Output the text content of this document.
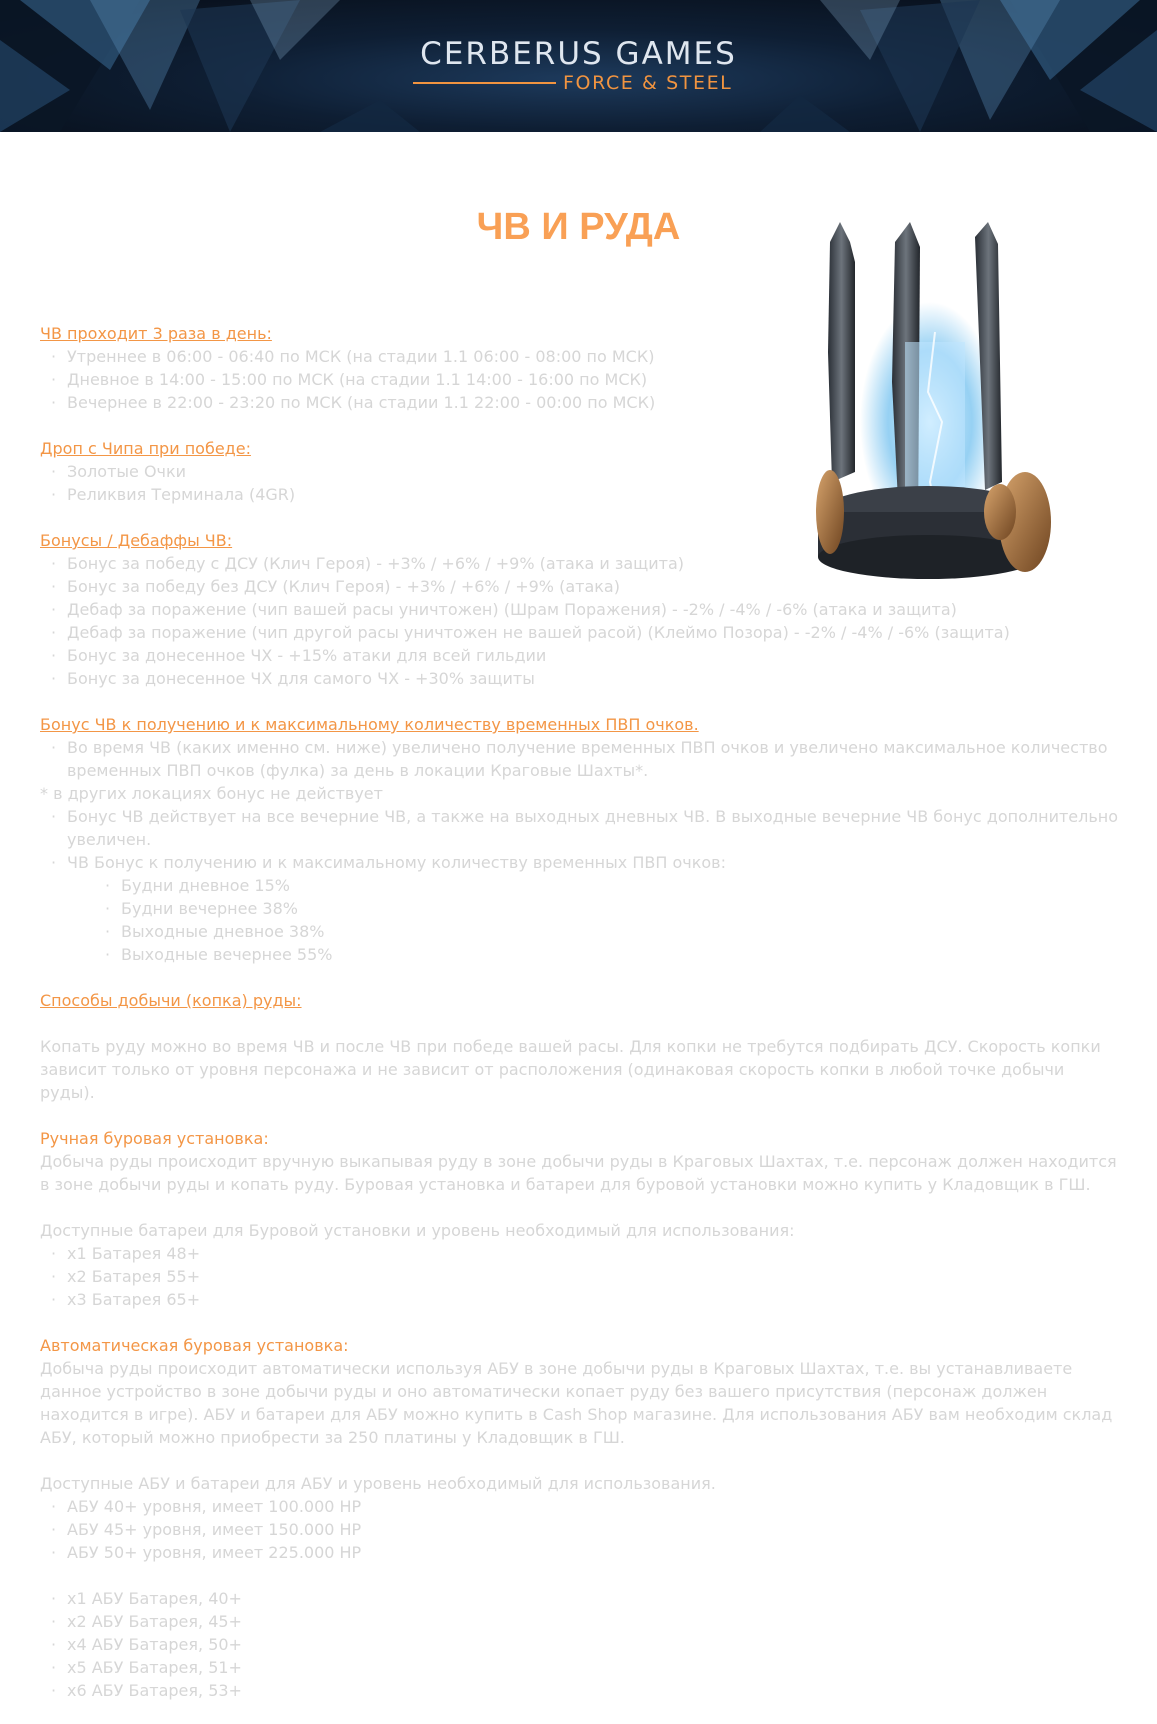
CERBERUS GAMES
FORCE & STEEL
ЧВ И РУДА
ЧВ проходит 3 раза в день:
· Утреннее в 06:00 - 06:40 по МСК (на стадии 1.1 06:00 - 08:00 по МСК)
· Дневное в 14:00 - 15:00 по МСК (на стадии 1.1 14:00 - 16:00 по МСК)
· Вечернее в 22:00 - 23:20 по МСК (на стадии 1.1 22:00 - 00:00 по МСК)
Дроп с Чипа при победе:
· Золотые Очки
· Реликвия Терминала (4GR)
Бонусы / Дебаффы ЧВ:
· Бонус за победу с ДСУ (Клич Героя) - +3% / +6% / +9% (атака и защита)
· Бонус за победу без ДСУ (Клич Героя) - +3% / +6% / +9% (атака)
· Дебаф за поражение (чип вашей расы уничтожен) (Шрам Поражения) - -2% / -4% / -6% (атака и защита)
· Дебаф за поражение (чип другой расы уничтожен не вашей расой) (Клеймо Позора) - -2% / -4% / -6% (защита)
· Бонус за донесенное ЧХ - +15% атаки для всей гильдии
· Бонус за донесенное ЧХ для самого ЧХ - +30% защиты
Бонус ЧВ к получению и к максимальному количеству временных ПВП очков.
· Во время ЧВ (каких именно см. ниже) увеличено получение временных ПВП очков и увеличено максимальное количество временных ПВП очков (фулка) за день в локации Краговые Шахты*.
* в других локациях бонус не действует
· Бонус ЧВ действует на все вечерние ЧВ, а также на выходных дневных ЧВ. В выходные вечерние ЧВ бонус дополнительно увеличен.
· ЧВ Бонус к получению и к максимальному количеству временных ПВП очков:
· Будни дневное 15%
· Будни вечернее 38%
· Выходные дневное 38%
· Выходные вечернее 55%
Способы добычи (копка) руды:
Копать руду можно во время ЧВ и после ЧВ при победе вашей расы. Для копки не требутся подбирать ДСУ. Скорость копки зависит только от уровня персонажа и не зависит от расположения (одинаковая скорость копки в любой точке добычи руды).
Ручная буровая установка:
Добыча руды происходит вручную выкапывая руду в зоне добычи руды в Краговых Шахтах, т.е. персонаж должен находится в зоне добычи руды и копать руду. Буровая установка и батареи для буровой установки можно купить у Кладовщик в ГШ.
Доступные батареи для Буровой установки и уровень необходимый для использования:
· x1 Батарея 48+
· x2 Батарея 55+
· x3 Батарея 65+
Автоматическая буровая установка:
Добыча руды происходит автоматически используя АБУ в зоне добычи руды в Краговых Шахтах, т.е. вы устанавливаете данное устройство в зоне добычи руды и оно автоматически копает руду без вашего присутствия (персонаж должен находится в игре). АБУ и батареи для АБУ можно купить в Cash Shop магазине. Для использования АБУ вам необходим склад АБУ, который можно приобрести за 250 платины у Кладовщик в ГШ.
Доступные АБУ и батареи для АБУ и уровень необходимый для использования.
· АБУ 40+ уровня, имеет 100.000 HP
· АБУ 45+ уровня, имеет 150.000 HP
· АБУ 50+ уровня, имеет 225.000 HP
· x1 АБУ Батарея, 40+
· x2 АБУ Батарея, 45+
· x4 АБУ Батарея, 50+
· x5 АБУ Батарея, 51+
· x6 АБУ Батарея, 53+
